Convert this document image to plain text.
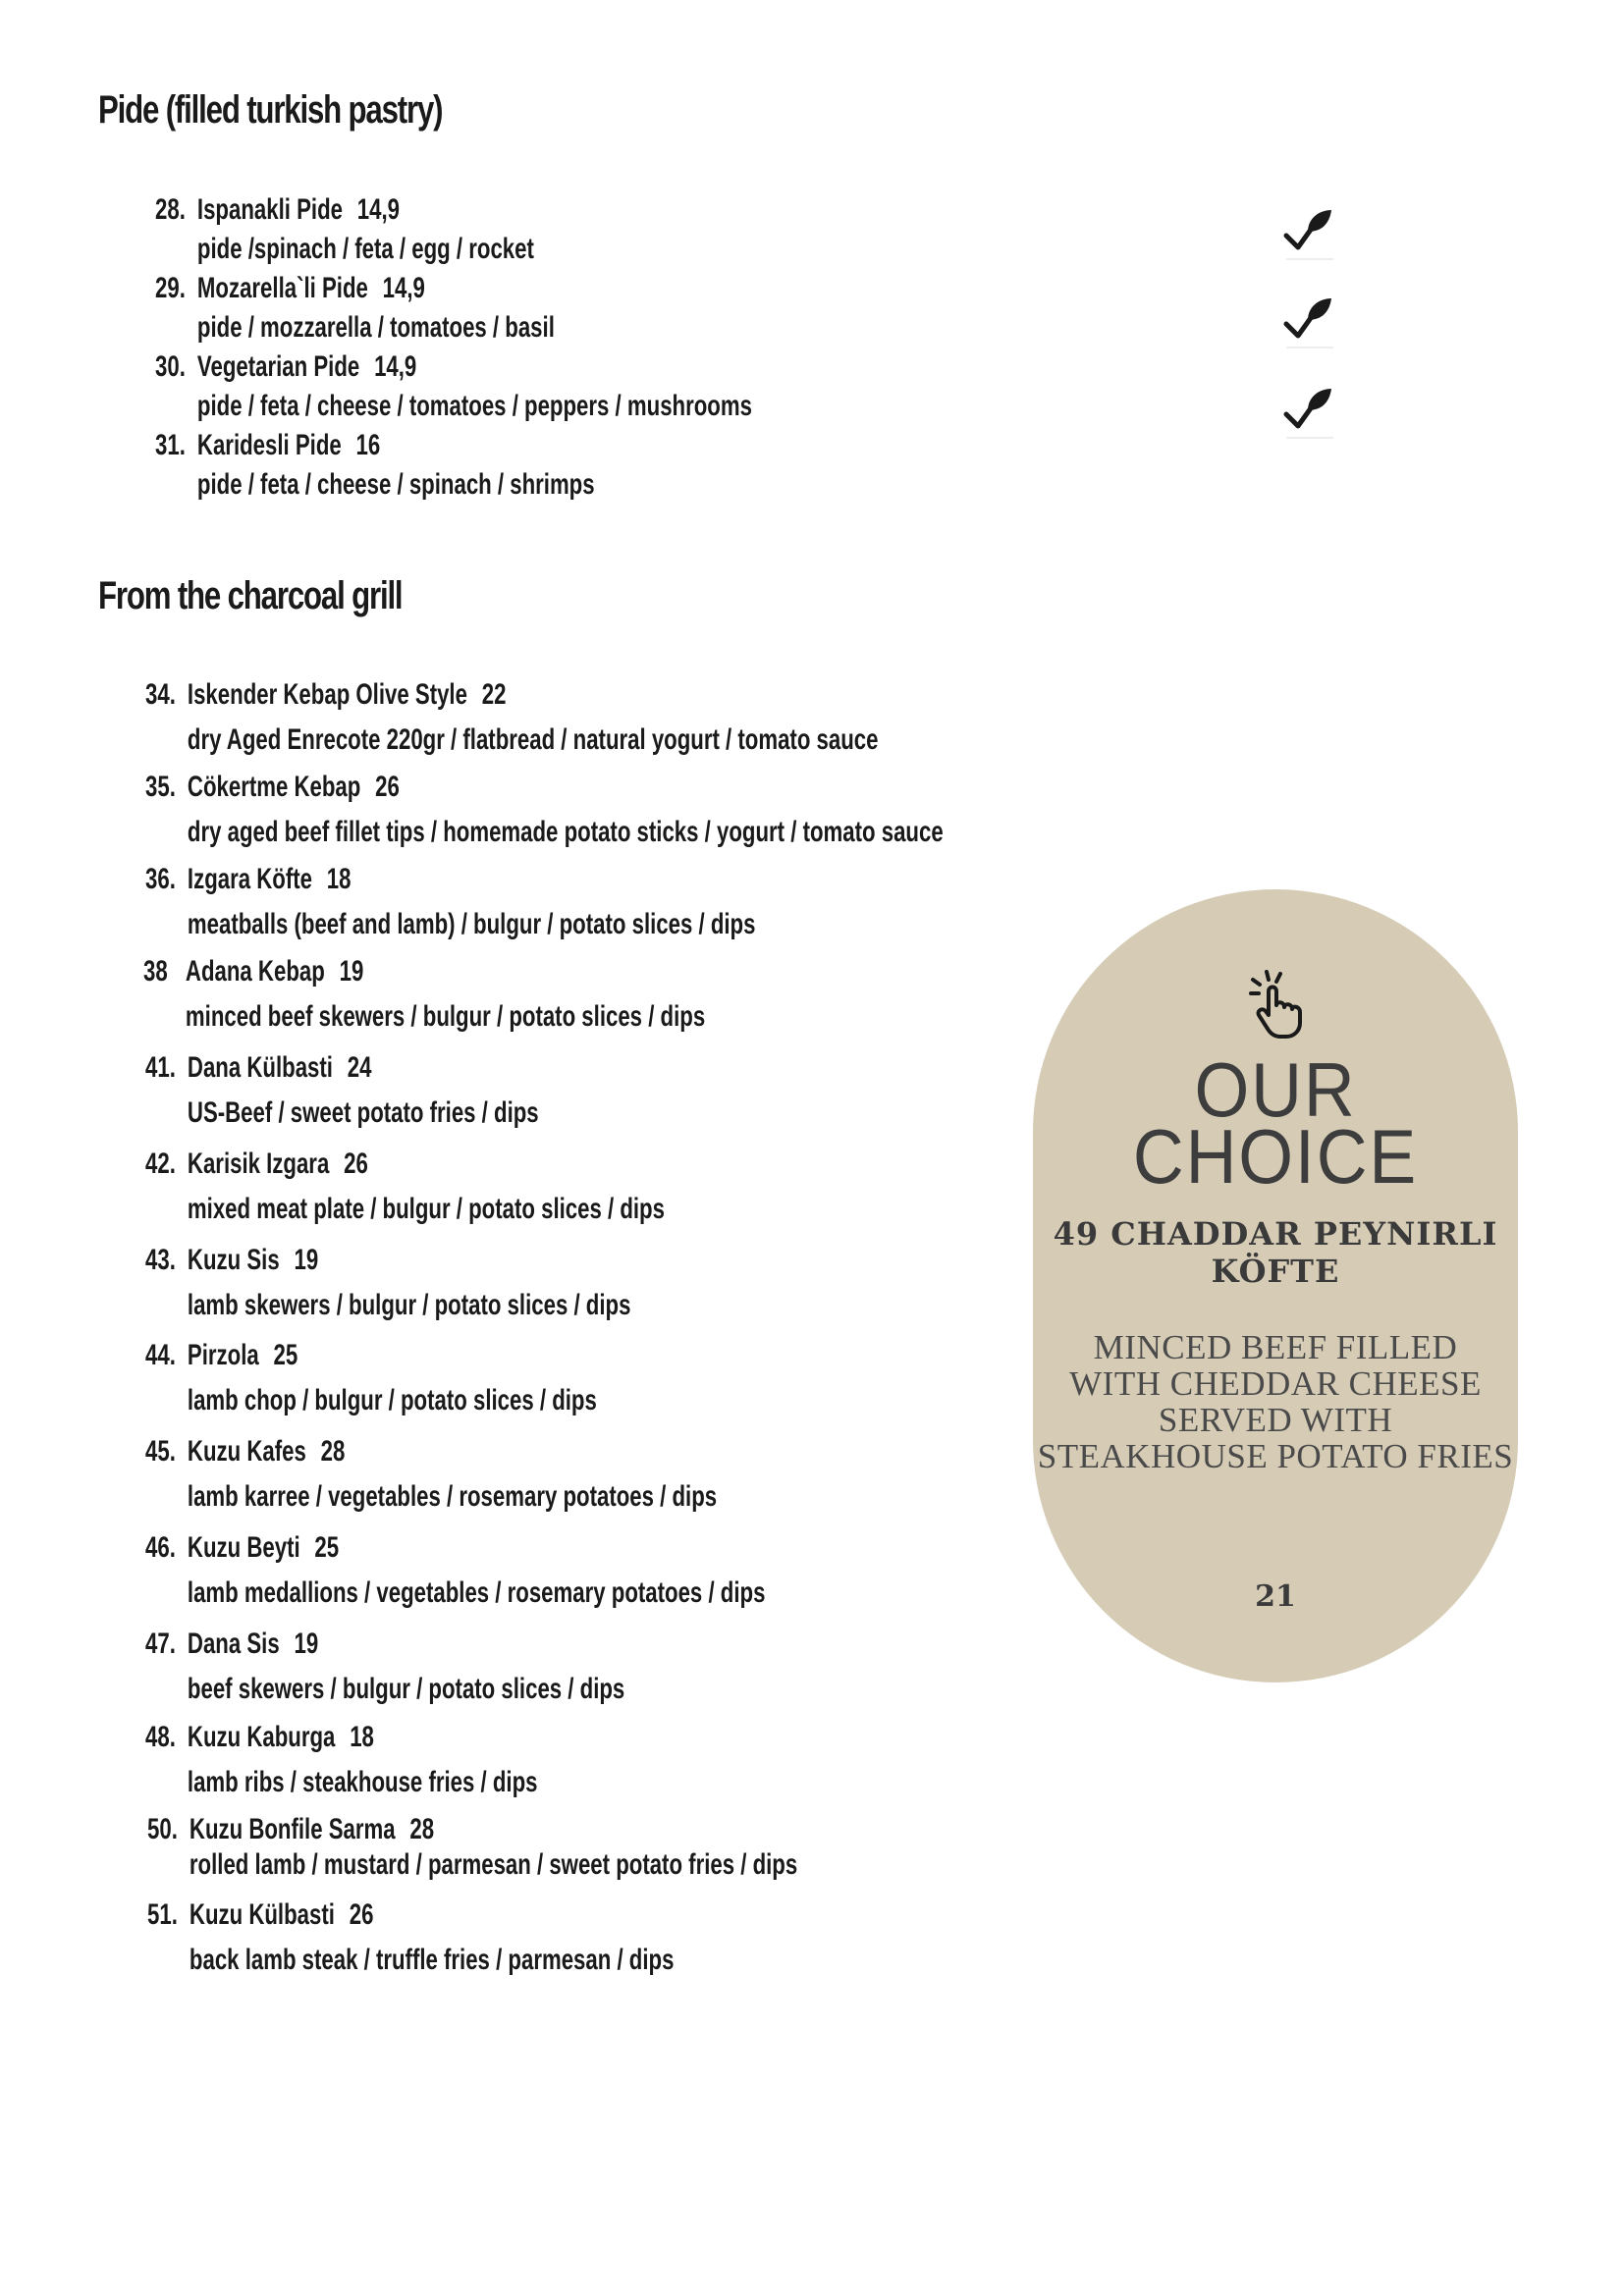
Pide (filled turkish pastry)
28. Ispanakli Pide 14,9
pide /spinach / feta / egg / rocket
29. Mozarella`li Pide 14,9
pide / mozzarella / tomatoes / basil
30. Vegetarian Pide 14,9
pide / feta / cheese / tomatoes / peppers / mushrooms
31. Karidesli Pide 16
pide / feta / cheese / spinach / shrimps
From the charcoal grill
34. Iskender Kebap Olive Style 22
dry Aged Enrecote 220gr / flatbread / natural yogurt / tomato sauce
35. Cökertme Kebap 26
dry aged beef fillet tips / homemade potato sticks / yogurt / tomato sauce
36. Izgara Köfte 18
meatballs (beef and lamb) / bulgur / potato slices / dips
38 Adana Kebap 19
minced beef skewers / bulgur / potato slices / dips
41. Dana Külbasti 24
US-Beef / sweet potato fries / dips
42. Karisik Izgara 26
mixed meat plate / bulgur / potato slices / dips
43. Kuzu Sis 19
lamb skewers / bulgur / potato slices / dips
44. Pirzola 25
lamb chop / bulgur / potato slices / dips
45. Kuzu Kafes 28
lamb karree / vegetables / rosemary potatoes / dips
46. Kuzu Beyti 25
lamb medallions / vegetables / rosemary potatoes / dips
47. Dana Sis 19
beef skewers / bulgur / potato slices / dips
48. Kuzu Kaburga 18
lamb ribs / steakhouse fries / dips
50. Kuzu Bonfile Sarma 28
rolled lamb / mustard / parmesan / sweet potato fries / dips
51. Kuzu Külbasti 26
back lamb steak / truffle fries / parmesan / dips
OUR
CHOICE
49 CHADDAR PEYNIRLI
KÖFTE
MINCED BEEF FILLED
WITH CHEDDAR CHEESE
SERVED WITH
STEAKHOUSE POTATO FRIES
21
